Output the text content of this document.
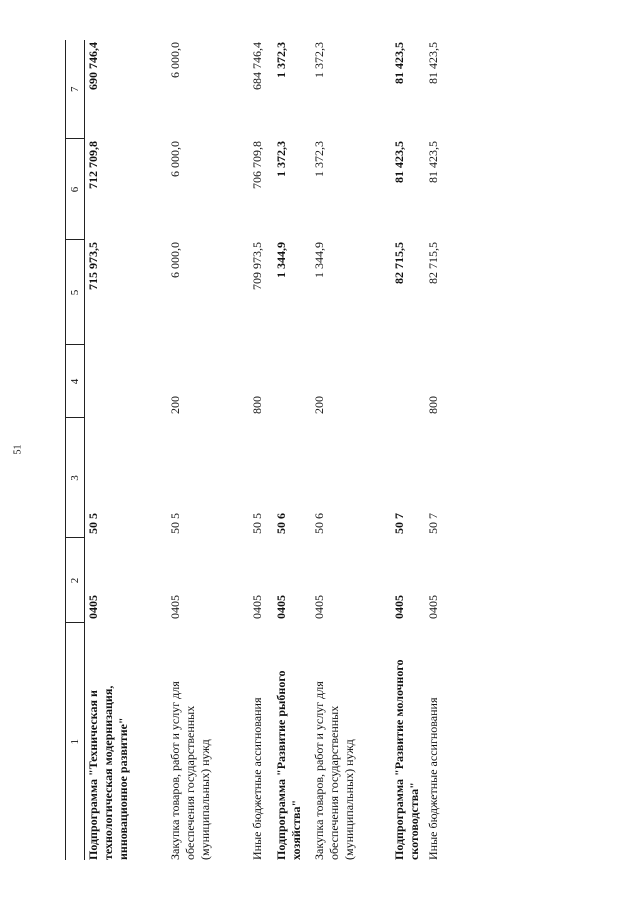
51
1	2	3	4	5	6	7
Подпрограмма "Техническая и технологическая модернизация, инновационное развитие"	0405	50 5		715 973,5	712 709,8	690 746,4
Закупка товаров, работ и услуг для обеспечения государственных (муниципальных) нужд	0405	50 5	200	6 000,0	6 000,0	6 000,0
Иные бюджетные ассигнования	0405	50 5	800	709 973,5	706 709,8	684 746,4
Подпрограмма "Развитие рыбного хозяйства"	0405	50 6		1 344,9	1 372,3	1 372,3
Закупка товаров, работ и услуг для обеспечения государственных (муниципальных) нужд	0405	50 6	200	1 344,9	1 372,3	1 372,3
Подпрограмма "Развитие молочного скотоводства"	0405	50 7		82 715,5	81 423,5	81 423,5
Иные бюджетные ассигнования	0405	50 7	800	82 715,5	81 423,5	81 423,5
